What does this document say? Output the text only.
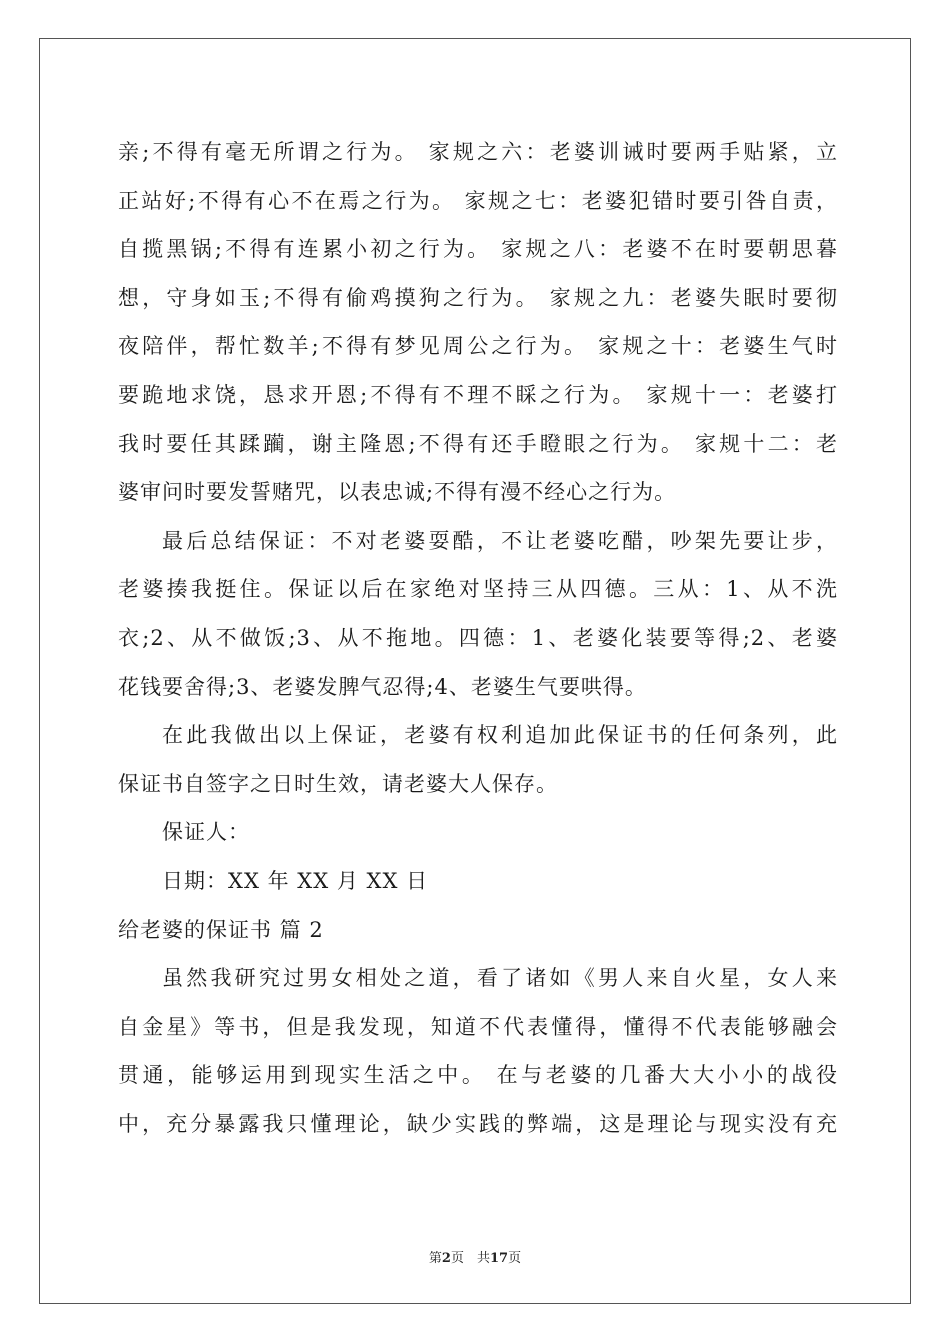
亲;不得有毫无所谓之行为。 家规之六：老婆训诫时要两手贴紧，立
正站好;不得有心不在焉之行为。 家规之七：老婆犯错时要引咎自责，
自揽黑锅;不得有连累小初之行为。 家规之八：老婆不在时要朝思暮
想，守身如玉;不得有偷鸡摸狗之行为。 家规之九：老婆失眠时要彻
夜陪伴，帮忙数羊;不得有梦见周公之行为。 家规之十：老婆生气时
要跪地求饶，恳求开恩;不得有不理不睬之行为。 家规十一：老婆打
我时要任其蹂躏，谢主隆恩;不得有还手瞪眼之行为。 家规十二：老
婆审问时要发誓赌咒，以表忠诚;不得有漫不经心之行为。
最后总结保证：不对老婆耍酷，不让老婆吃醋，吵架先要让步，
老婆揍我挺住。保证以后在家绝对坚持三从四德。三从：1、从不洗
衣;2、从不做饭;3、从不拖地。四德：1、老婆化装要等得;2、老婆
花钱要舍得;3、老婆发脾气忍得;4、老婆生气要哄得。
在此我做出以上保证，老婆有权利追加此保证书的任何条列，此
保证书自签字之日时生效，请老婆大人保存。
保证人：
日期：XX 年 XX 月 XX 日
给老婆的保证书 篇 2
虽然我研究过男女相处之道，看了诸如《男人来自火星，女人来
自金星》等书，但是我发现，知道不代表懂得，懂得不代表能够融会
贯通，能够运用到现实生活之中。 在与老婆的几番大大小小的战役
中，充分暴露我只懂理论，缺少实践的弊端，这是理论与现实没有充
第2页　共17页
